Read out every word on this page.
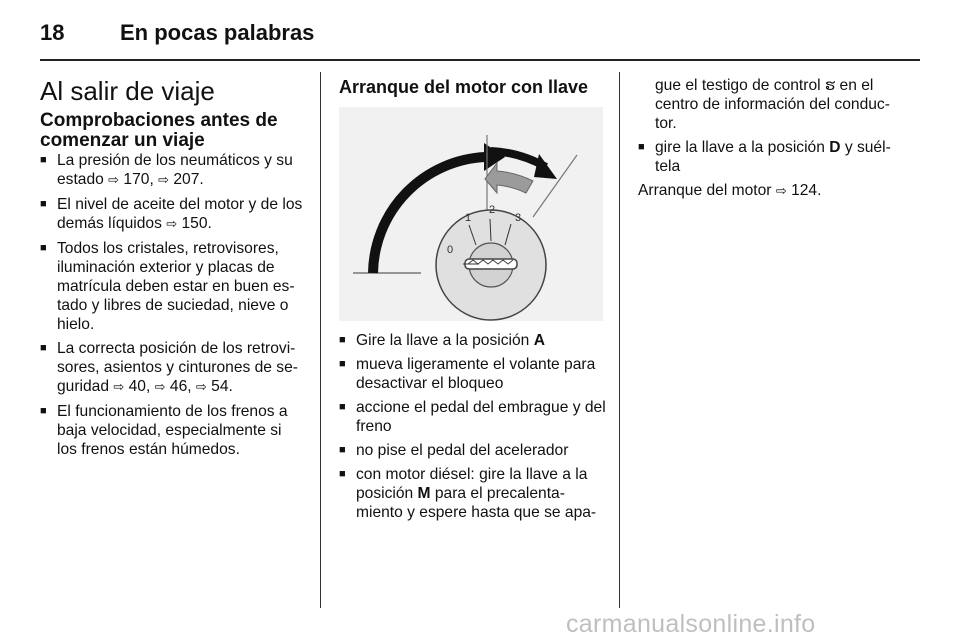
18	En pocas palabras
Al salir de viaje
Comprobaciones antes de comenzar un viaje
■ La presión de los neumáticos y su estado ⇨ 170, ⇨ 207.
■ El nivel de aceite del motor y de los demás líquidos ⇨ 150.
■ Todos los cristales, retrovisores, iluminación exterior y placas de matrícula deben estar en buen es- tado y libres de suciedad, nieve o hielo.
■ La correcta posición de los retrovi- sores, asientos y cinturones de se- guridad ⇨ 40, ⇨ 46, ⇨ 54.
■ El funcionamiento de los frenos a baja velocidad, especialmente si los frenos están húmedos.
Arranque del motor con llave
0
1
2
3
■ Gire la llave a la posición A
■ mueva ligeramente el volante para desactivar el bloqueo
■ accione el pedal del embrague y del freno
■ no pise el pedal del acelerador
■ con motor diésel: gire la llave a la posición M para el precalenta- miento y espere hasta que se apa-
gue el testigo de control ຮ en el centro de información del conduc- tor.
■ gire la llave a la posición D y suél- tela
Arranque del motor ⇨ 124.
carmanualsonline.info
